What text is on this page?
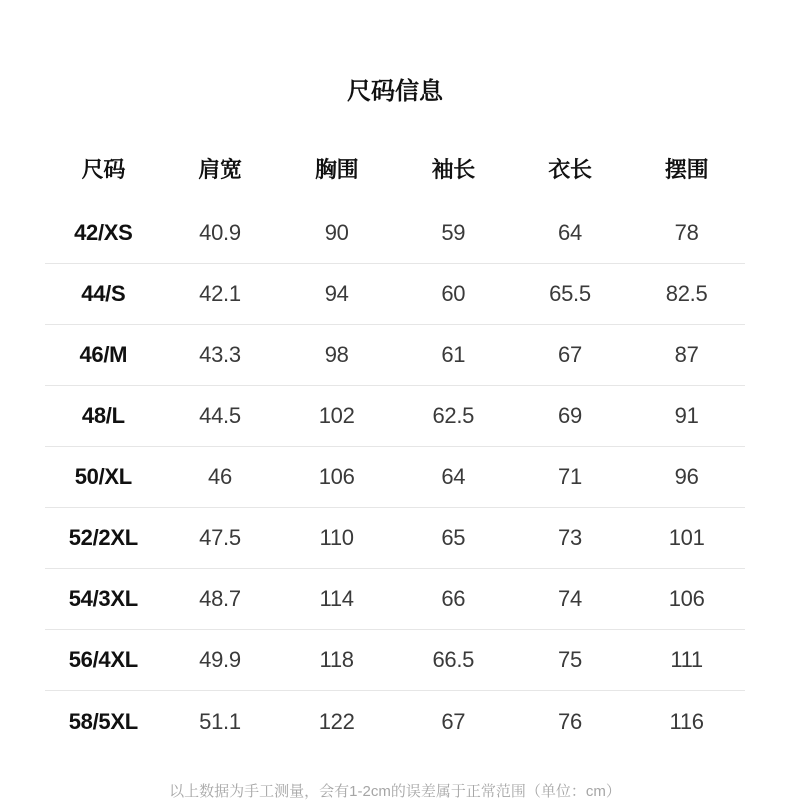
尺码信息
尺码	肩宽	胸围	袖长	衣长	摆围
42/XS	40.9	90	59	64	78
44/S	42.1	94	60	65.5	82.5
46/M	43.3	98	61	67	87
48/L	44.5	102	62.5	69	91
50/XL	46	106	64	71	96
52/2XL	47.5	110	65	73	101
54/3XL	48.7	114	66	74	106
56/4XL	49.9	118	66.5	75	111
58/5XL	51.1	122	67	76	116
以上数据为手工测量，会有1-2cm的误差属于正常范围（单位：cm）
